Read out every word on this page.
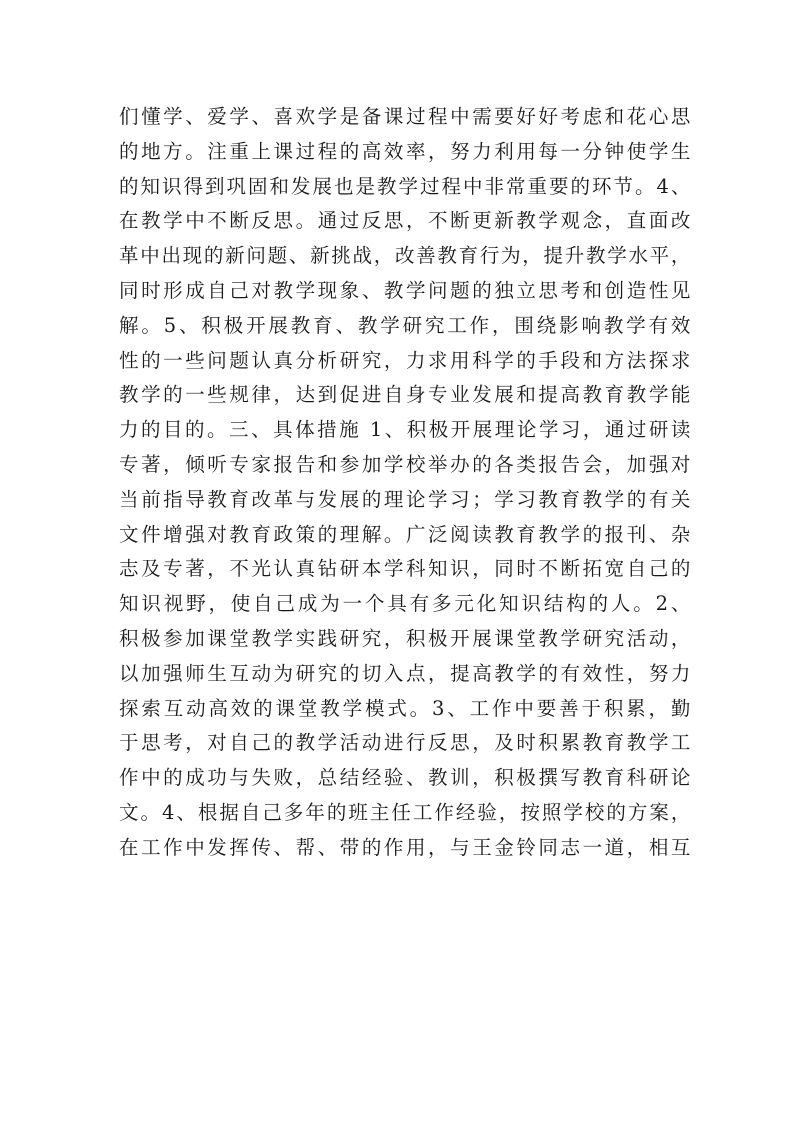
们懂学、爱学、喜欢学是备课过程中需要好好考虑和花心思
的地方。注重上课过程的高效率，努力利用每一分钟使学生
的知识得到巩固和发展也是教学过程中非常重要的环节。4、
在教学中不断反思。通过反思，不断更新教学观念，直面改
革中出现的新问题、新挑战，改善教育行为，提升教学水平，
同时形成自己对教学现象、教学问题的独立思考和创造性见
解。5、积极开展教育、教学研究工作，围绕影响教学有效
性的一些问题认真分析研究，力求用科学的手段和方法探求
教学的一些规律，达到促进自身专业发展和提高教育教学能
力的目的。三、具体措施 1、积极开展理论学习，通过研读
专著，倾听专家报告和参加学校举办的各类报告会，加强对
当前指导教育改革与发展的理论学习；学习教育教学的有关
文件增强对教育政策的理解。广泛阅读教育教学的报刊、杂
志及专著，不光认真钻研本学科知识，同时不断拓宽自己的
知识视野，使自己成为一个具有多元化知识结构的人。2、
积极参加课堂教学实践研究，积极开展课堂教学研究活动，
以加强师生互动为研究的切入点，提高教学的有效性，努力
探索互动高效的课堂教学模式。3、工作中要善于积累，勤
于思考，对自己的教学活动进行反思，及时积累教育教学工
作中的成功与失败，总结经验、教训，积极撰写教育科研论
文。4、根据自己多年的班主任工作经验，按照学校的方案，
在工作中发挥传、帮、带的作用，与王金铃同志一道，相互
